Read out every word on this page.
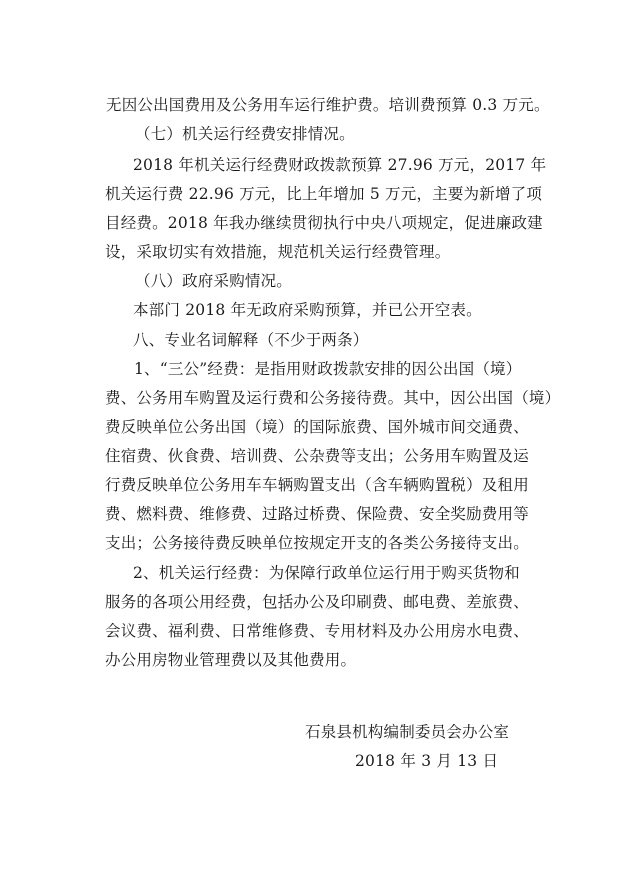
无因公出国费用及公务用车运行维护费。培训费预算 0.3 万元。
（七）机关运行经费安排情况。
2018 年机关运行经费财政拨款预算 27.96 万元，2017 年
机关运行费 22.96 万元，比上年增加 5 万元，主要为新增了项
目经费。2018 年我办继续贯彻执行中央八项规定，促进廉政建
设，采取切实有效措施，规范机关运行经费管理。
（八）政府采购情况。
本部门 2018 年无政府采购预算，并已公开空表。
八、专业名词解释（不少于两条）
1、“三公”经费：是指用财政拨款安排的因公出国（境）
费、公务用车购置及运行费和公务接待费。其中，因公出国（境）
费反映单位公务出国（境）的国际旅费、国外城市间交通费、
住宿费、伙食费、培训费、公杂费等支出；公务用车购置及运
行费反映单位公务用车车辆购置支出（含车辆购置税）及租用
费、燃料费、维修费、过路过桥费、保险费、安全奖励费用等
支出；公务接待费反映单位按规定开支的各类公务接待支出。
2、机关运行经费：为保障行政单位运行用于购买货物和
服务的各项公用经费，包括办公及印刷费、邮电费、差旅费、
会议费、福利费、日常维修费、专用材料及办公用房水电费、
办公用房物业管理费以及其他费用。
石泉县机构编制委员会办公室
2018 年 3 月 13 日
